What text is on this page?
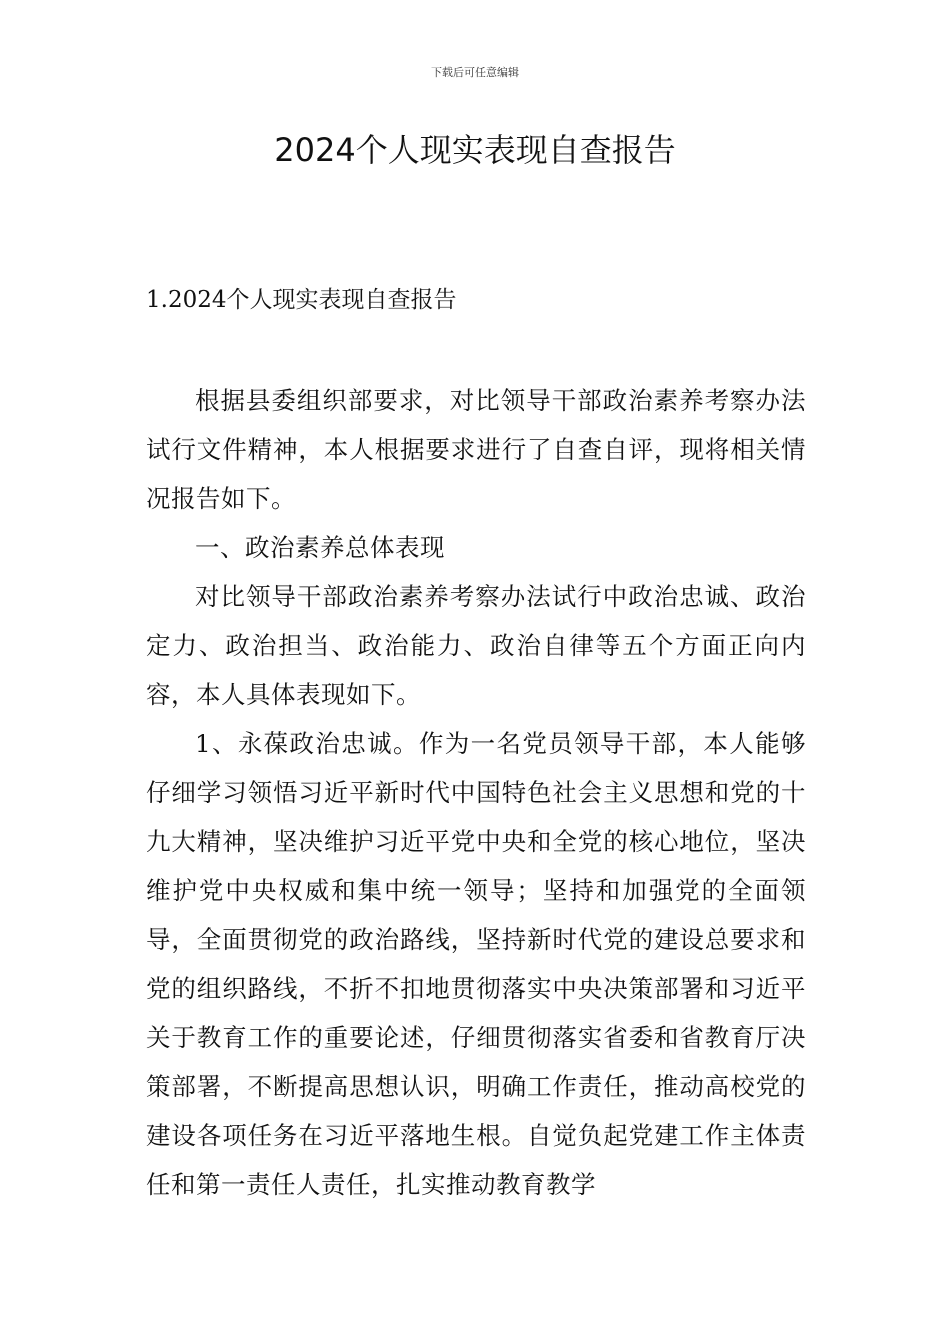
下载后可任意编辑
2024个人现实表现自查报告
1.2024个人现实表现自查报告

根据县委组织部要求，对比领导干部政治素养考察办法试行文件精神，本人根据要求进行了自查自评，现将相关情况报告如下。

一、政治素养总体表现

对比领导干部政治素养考察办法试行中政治忠诚、政治定力、政治担当、政治能力、政治自律等五个方面正向内容，本人具体表现如下。

1、永葆政治忠诚。作为一名党员领导干部，本人能够仔细学习领悟习近平新时代中国特色社会主义思想和党的十九大精神，坚决维护习近平党中央和全党的核心地位，坚决维护党中央权威和集中统一领导；坚持和加强党的全面领导，全面贯彻党的政治路线，坚持新时代党的建设总要求和党的组织路线，不折不扣地贯彻落实中央决策部署和习近平关于教育工作的重要论述，仔细贯彻落实省委和省教育厅决策部署，不断提高思想认识，明确工作责任，推动高校党的建设各项任务在习近平落地生根。自觉负起党建工作主体责任和第一责任人责任，扎实推动教育教学
